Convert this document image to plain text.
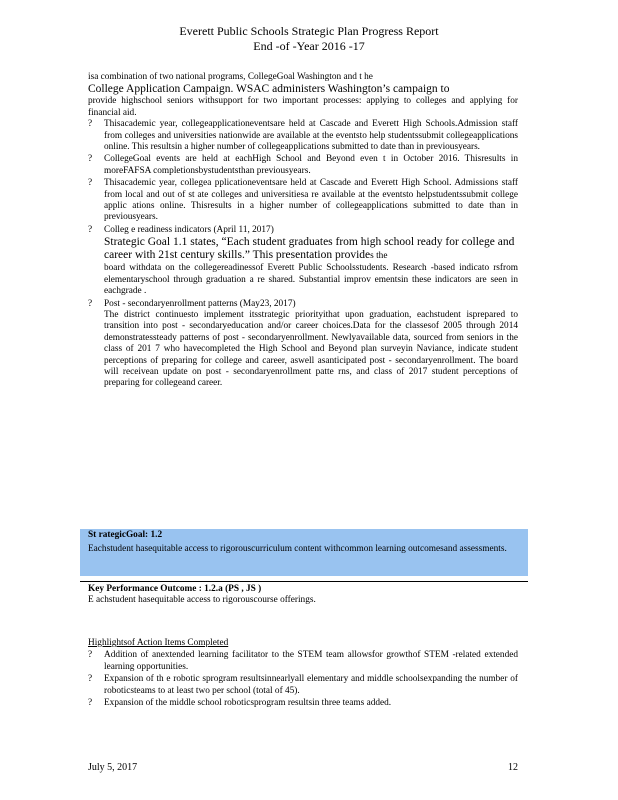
Everett Public Schools Strategic Plan Progress Report
End -of -Year 2016 -17

isa combination of two national programs, CollegeGoal Washington and t he

College Application Campaign. WSAC administers Washington’s campaign to

provide highschool seniors withsupport for two important processes: applying to colleges and applying for financial aid.

? Thisacademic year, collegeapplicationeventsare held at Cascade and Everett High Schools.Admission staff from colleges and universities nationwide are available at the eventsto help studentssubmit collegeapplications online. This resultsin a higher number of collegeapplications submitted to date than in previousyears.
? CollegeGoal events are held at eachHigh School and Beyond even t in October 2016. Thisresults in moreFAFSA completionsbystudentsthan previousyears.
? Thisacademic year, collegea pplicationeventsare held at Cascade and Everett High School. Admissions staff from local and out of st ate colleges and universitiesa re available at the eventsto helpstudentssubmit college applic ations online. Thisresults in a higher number of collegeapplications submitted to date than in previousyears.
? Colleg e readiness indicators (April 11, 2017)
Strategic Goal 1.1 states, “Each student graduates from high school ready for college and career with 21st century skills.” This presentation provides the
board withdata on the collegereadinessof Everett Public Schoolsstudents. Research -based indicato rsfrom elementaryschool through graduation a re shared. Substantial improv ementsin these indicators are seen in eachgrade .
? Post - secondaryenrollment patterns (May23, 2017)
The district continuesto implement itsstrategic priorityithat upon graduation, eachstudent isprepared to transition into post - secondaryeducation and/or career choices.Data for the classesof 2005 through 2014 demonstratessteady patterns of post - secondaryenrollment. Newlyavailable data, sourced from seniors in the class of 201 7 who havecompleted the High School and Beyond plan surveyin Naviance, indicate student perceptions of preparing for college and career, aswell asanticipated post - secondaryenrollment. The board will receivean update on post - secondaryenrollment patte rns, and class of 2017 student perceptions of preparing for collegeand career.
St rategicGoal: 1.2
Eachstudent hasequitable access to rigorouscurriculum content withcommon learning outcomesand assessments.
Key Performance Outcome : 1.2.a (PS , JS )
E achstudent hasequitable access to rigorouscourse offerings.
Highlightsof Action Items Completed
? Addition of anextended learning facilitator to the STEM team allowsfor growthof STEM -related extended learning opportunities.
? Expansion of th e robotic sprogram resultsinnearlyall elementary and middle schoolsexpanding the number of roboticsteams to at least two per school (total of 45).
? Expansion of the middle school roboticsprogram resultsin three teams added.
July 5, 2017	12
